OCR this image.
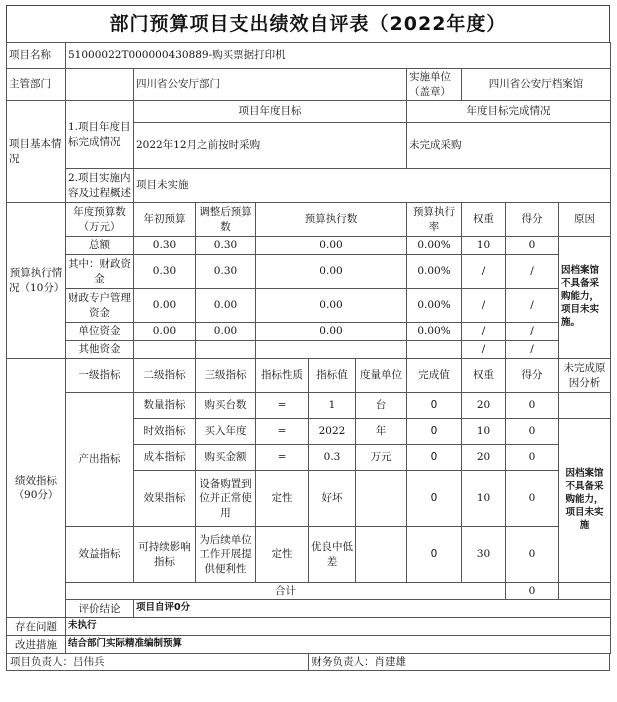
部门预算项目支出绩效自评表（2022年度）
项目名称	51000022T000000430889-购买票据打印机									
主管部门		四川省公安厅部门					实施单位（盖章）	四川省公安厅档案馆		
项目基本情况	1.项目年度目标完成情况	项目年度目标					年度目标完成情况			
		2022年12月之前按时采购					未完成采购			
	2.项目实施内容及过程概述	项目未实施								
预算执行情况（10分）	年度预算数（万元）	年初预算	调整后预算数	预算执行数			预算执行率	权重	得分	原因
	总额	0.30	0.30	0.00			0.00%	10	0	因档案馆不具备采购能力，项目未实施。
	其中：财政资金	0.30	0.30	0.00			0.00%	/	/	
	财政专户管理资金	0.00	0.00	0.00			0.00%	/	/	
	单位资金	0.00	0.00	0.00			0.00%	/	/	
	其他资金							/	/	
绩效指标（90分）	一级指标	二级指标	三级指标	指标性质	指标值	度量单位	完成值	权重	得分	未完成原因分析
	产出指标	数量指标	购买台数	=	1	台	0	20	0	
		时效指标	买入年度	=	2022	年	0	10	0	因档案馆不具备采购能力，项目未实施
		成本指标	购买金额	=	0.3	万元	0	20	0	
		效果指标	设备购置到位并正常使用	定性	好坏		0	10	0	
	效益指标	可持续影响指标	为后续单位工作开展提供便利性	定性	优良中低差		0	30	0	
	合计								0	
	评价结论	项目自评0分								
存在问题	未执行									
改进措施	结合部门实际精准编制预算									
项目负责人：吕伟兵	财务负责人：肖建雄
